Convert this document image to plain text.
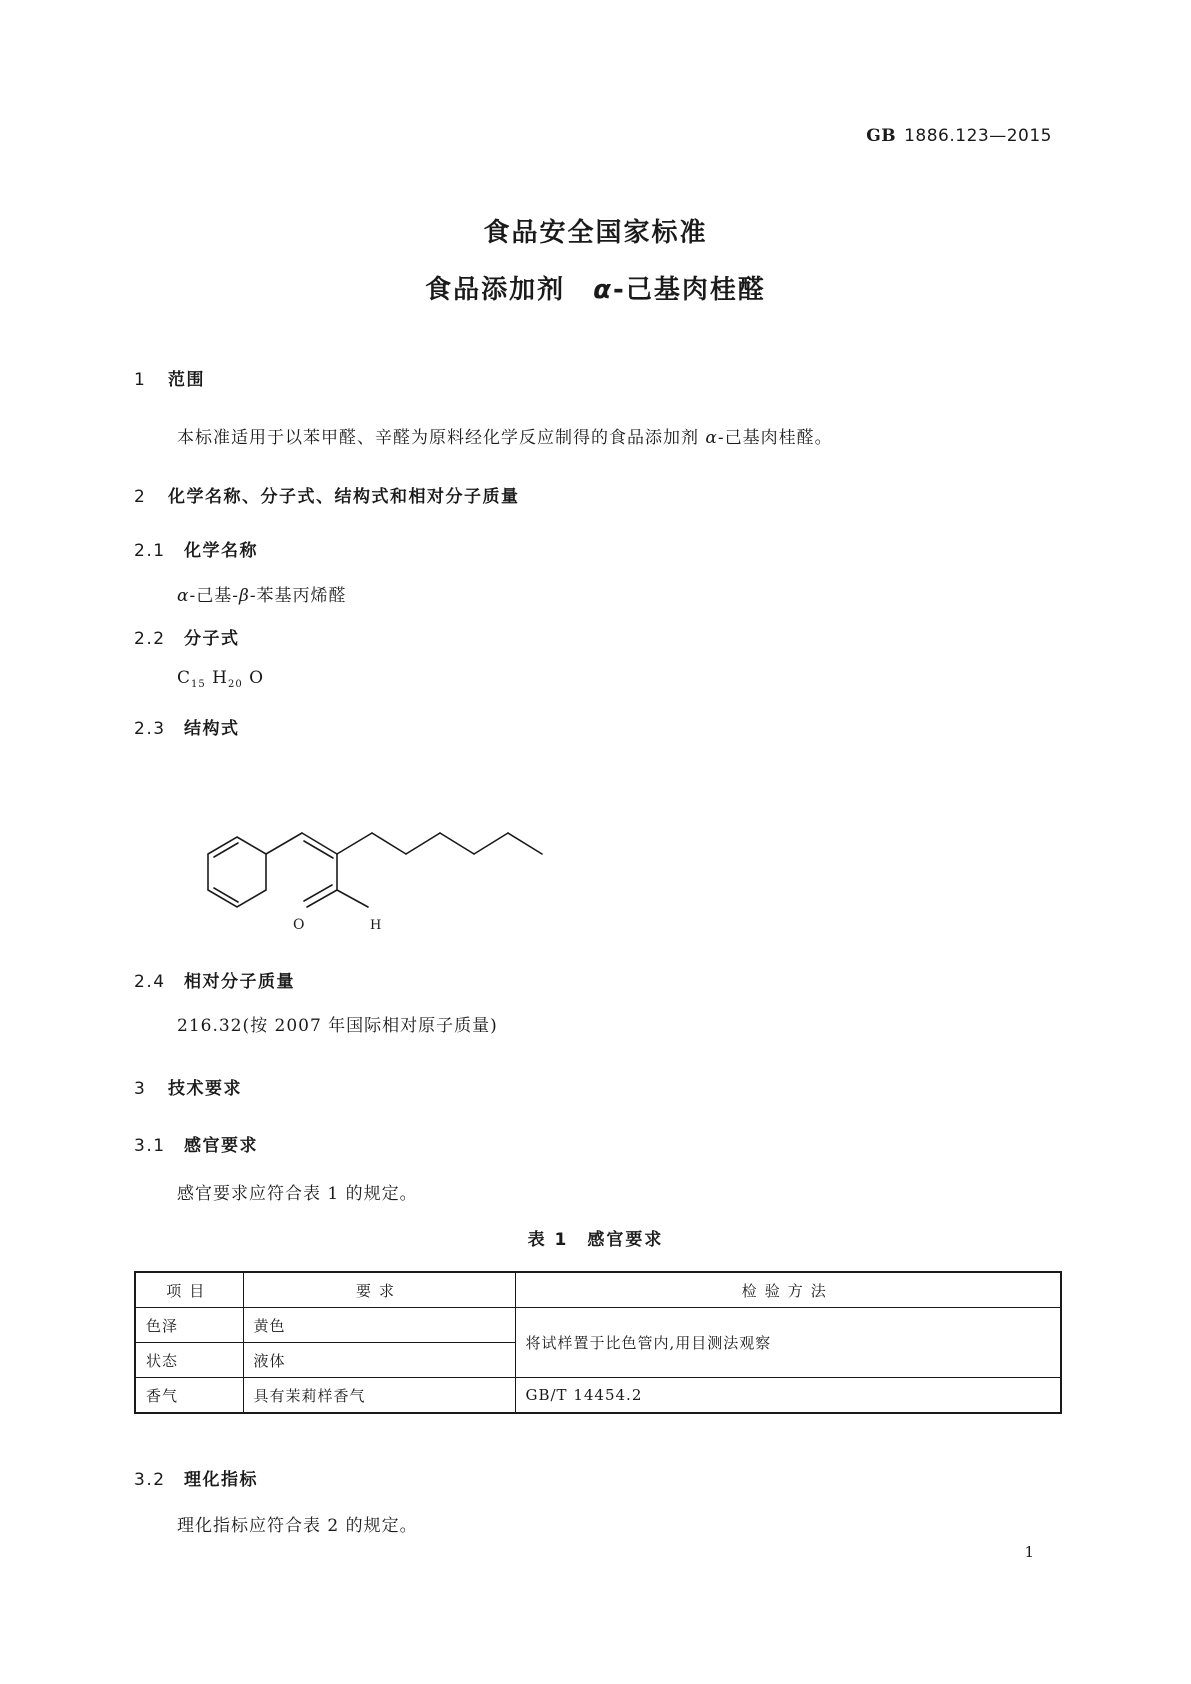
GB 1886.123—2015
食品安全国家标准
食品添加剂 α-己基肉桂醛
1 范围
本标准适用于以苯甲醛、辛醛为原料经化学反应制得的食品添加剂 α-己基肉桂醛。
2 化学名称、分子式、结构式和相对分子质量
2.1 化学名称
α-己基-β-苯基丙烯醛
2.2 分子式
$C_{15}$ $H_{20}$ O
2.3 结构式
O	H
2.4 相对分子质量
216.32(按 2007 年国际相对原子质量)
3 技术要求
3.1 感官要求
感官要求应符合表 1 的规定。
表 1　感官要求
项目	要求	检验方法
色泽	黄色	将试样置于比色管内,用目测法观察
状态	液体	
香气	具有茉莉样香气	GB/T 14454.2
3.2 理化指标
理化指标应符合表 2 的规定。
1
